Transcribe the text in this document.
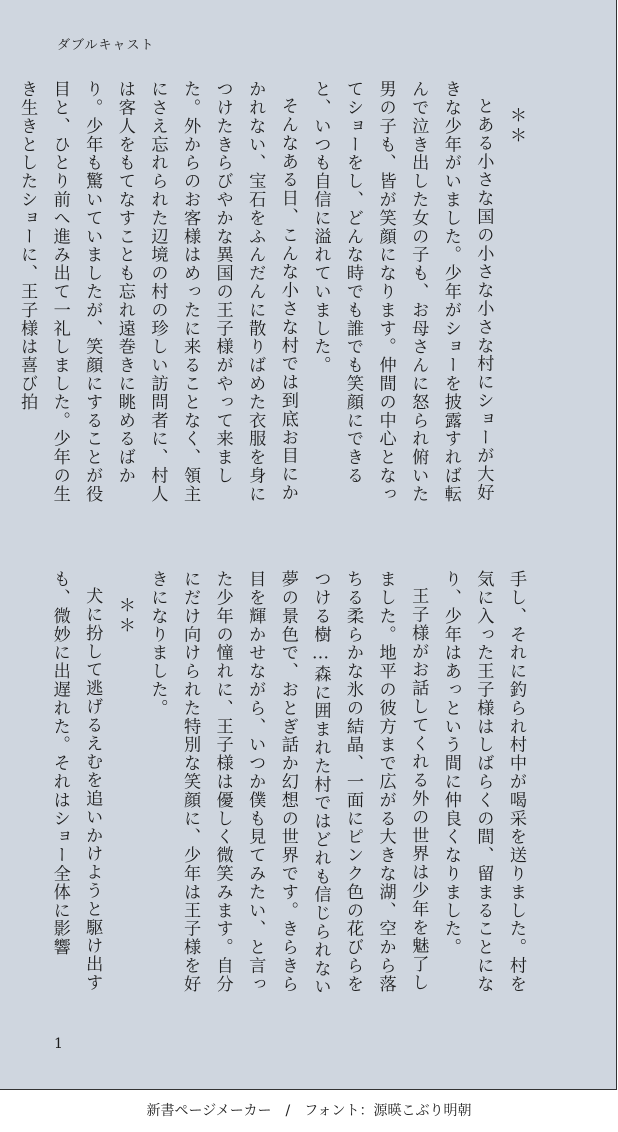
ダブルキャスト

＊＊

とある小さな国の小さな小さな村にショーが大好きな少年がいました。少年がショーを披露すれば転んで泣き出した女の子も、お母さんに怒られ俯いた男の子も、皆が笑顔になります。仲間の中心となってショーをし、どんな時でも誰でも笑顔にできると、いつも自信に溢れていました。

そんなある日、こんな小さな村では到底お目にかかれない、宝石をふんだんに散りばめた衣服を身につけたきらびやかな異国の王子様がやって来ました。外からのお客様はめったに来ることなく、領主にさえ忘れられた辺境の村の珍しい訪問者に、村人は客人をもてなすことも忘れ遠巻きに眺めるばかり。少年も驚いていましたが、笑顔にすることが役目と、ひとり前へ進み出て一礼しました。少年の生き生きとしたショーに、王子様は喜び拍

手し、それに釣られ村中が喝采を送りました。村を気に入った王子様はしばらくの間、留まることになり、少年はあっという間に仲良くなりました。

王子様がお話してくれる外の世界は少年を魅了しました。地平の彼方まで広がる大きな湖、空から落ちる柔らかな氷の結晶、一面にピンク色の花びらをつける樹…森に囲まれた村ではどれも信じられない夢の景色で、おとぎ話か幻想の世界です。きらきら目を輝かせながら、いつか僕も見てみたい、と言った少年の憧れに、王子様は優しく微笑みます。自分にだけ向けられた特別な笑顔に、少年は王子様を好きになりました。

＊＊

犬に扮して逃げるえむを追いかけようと駆け出すも、微妙に出遅れた。それはショー全体に影響

1
新書ページメーカー　/　フォント：源暎こぶり明朝
